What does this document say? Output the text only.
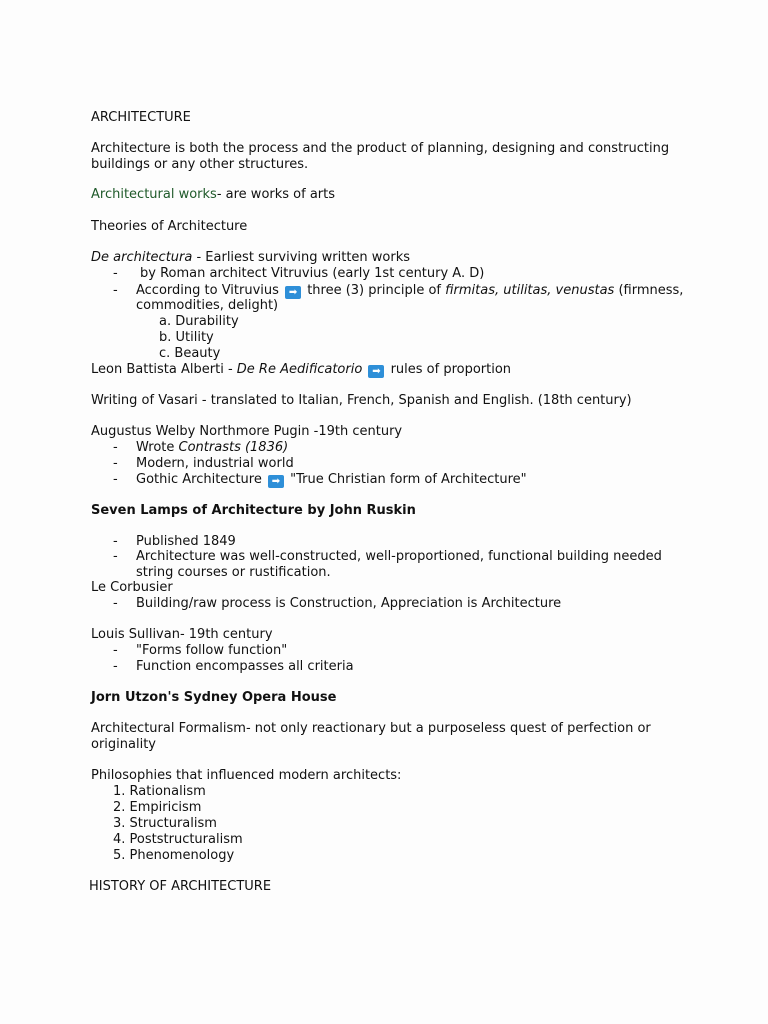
ARCHITECTURE
Architecture is both the process and the product of planning, designing and constructing
buildings or any other structures.
Architectural works- are works of arts
Theories of Architecture
De architectura - Earliest surviving written works
- by Roman architect Vitruvius (early 1st century A. D)
- According to Vitruvius ➡ three (3) principle of firmitas, utilitas, venustas (firmness,
commodities, delight)
a. Durability
b. Utility
c. Beauty
Leon Battista Alberti - De Re Aedificatorio ➡ rules of proportion
Writing of Vasari - translated to Italian, French, Spanish and English. (18th century)
Augustus Welby Northmore Pugin -19th century
- Wrote Contrasts (1836)
- Modern, industrial world
- Gothic Architecture ➡ "True Christian form of Architecture"
Seven Lamps of Architecture by John Ruskin
- Published 1849
- Architecture was well-constructed, well-proportioned, functional building needed
string courses or rustification.
Le Corbusier
- Building/raw process is Construction, Appreciation is Architecture
Louis Sullivan- 19th century
- "Forms follow function"
- Function encompasses all criteria
Jorn Utzon's Sydney Opera House
Architectural Formalism- not only reactionary but a purposeless quest of perfection or
originality
Philosophies that influenced modern architects:
1. Rationalism
2. Empiricism
3. Structuralism
4. Poststructuralism
5. Phenomenology
HISTORY OF ARCHITECTURE
